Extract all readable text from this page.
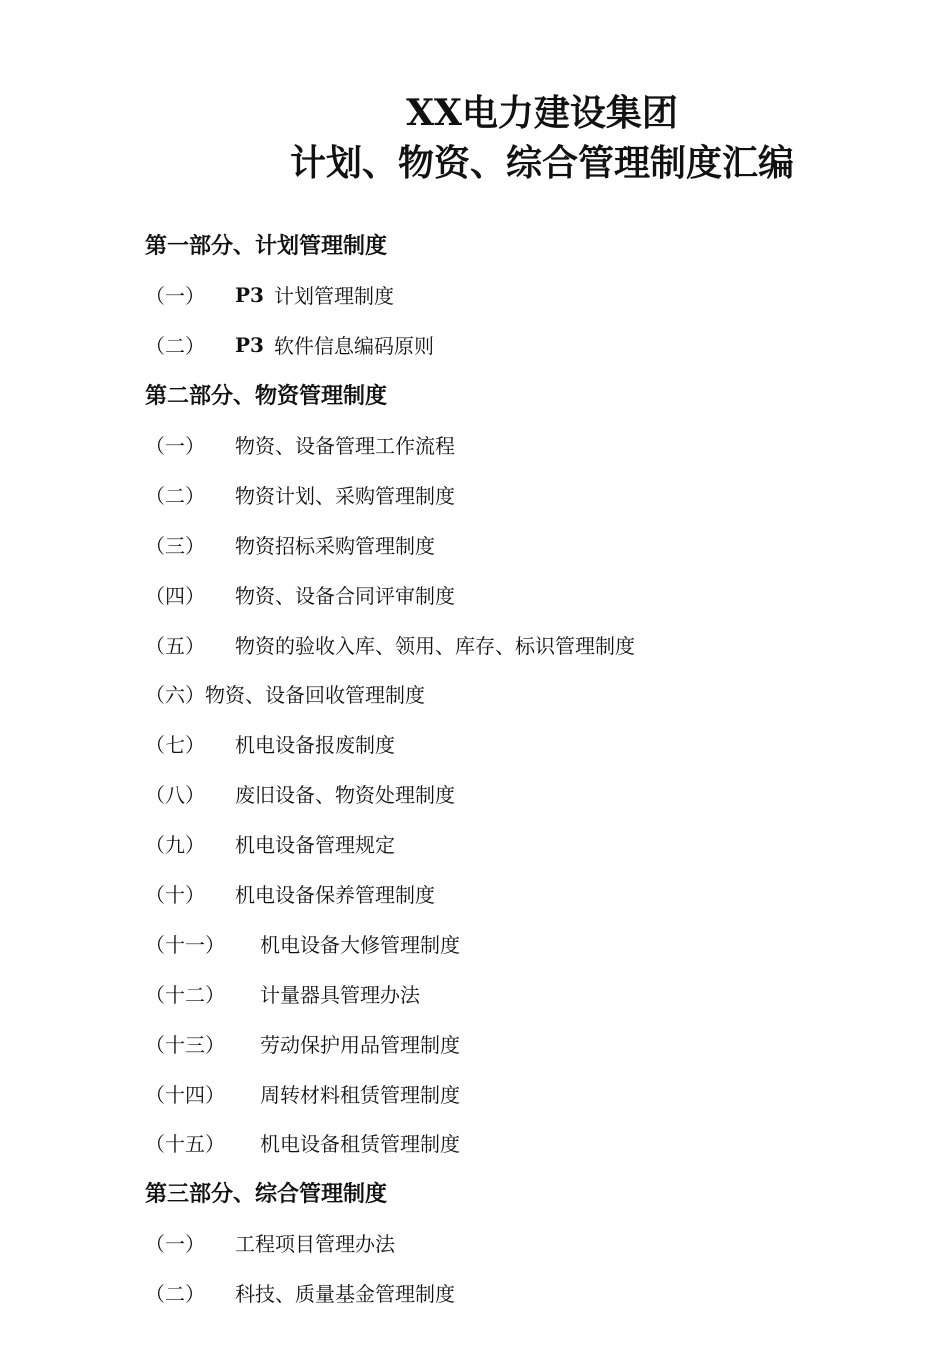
XX电力建设集团
计划、物资、综合管理制度汇编
第一部分、计划管理制度
（一）	P3 计划管理制度
（二）	P3 软件信息编码原则
第二部分、物资管理制度
（一）	物资、设备管理工作流程
（二）	物资计划、采购管理制度
（三）	物资招标采购管理制度
（四）	物资、设备合同评审制度
（五）	物资的验收入库、领用、库存、标识管理制度
（六） 物资、设备回收管理制度
（七）	机电设备报废制度
（八）	废旧设备、物资处理制度
（九）	机电设备管理规定
（十）	机电设备保养管理制度
（十一）	机电设备大修管理制度
（十二）	计量器具管理办法
（十三）	劳动保护用品管理制度
（十四）	周转材料租赁管理制度
（十五）	机电设备租赁管理制度
第三部分、综合管理制度
（一）	工程项目管理办法
（二）	科技、质量基金管理制度
